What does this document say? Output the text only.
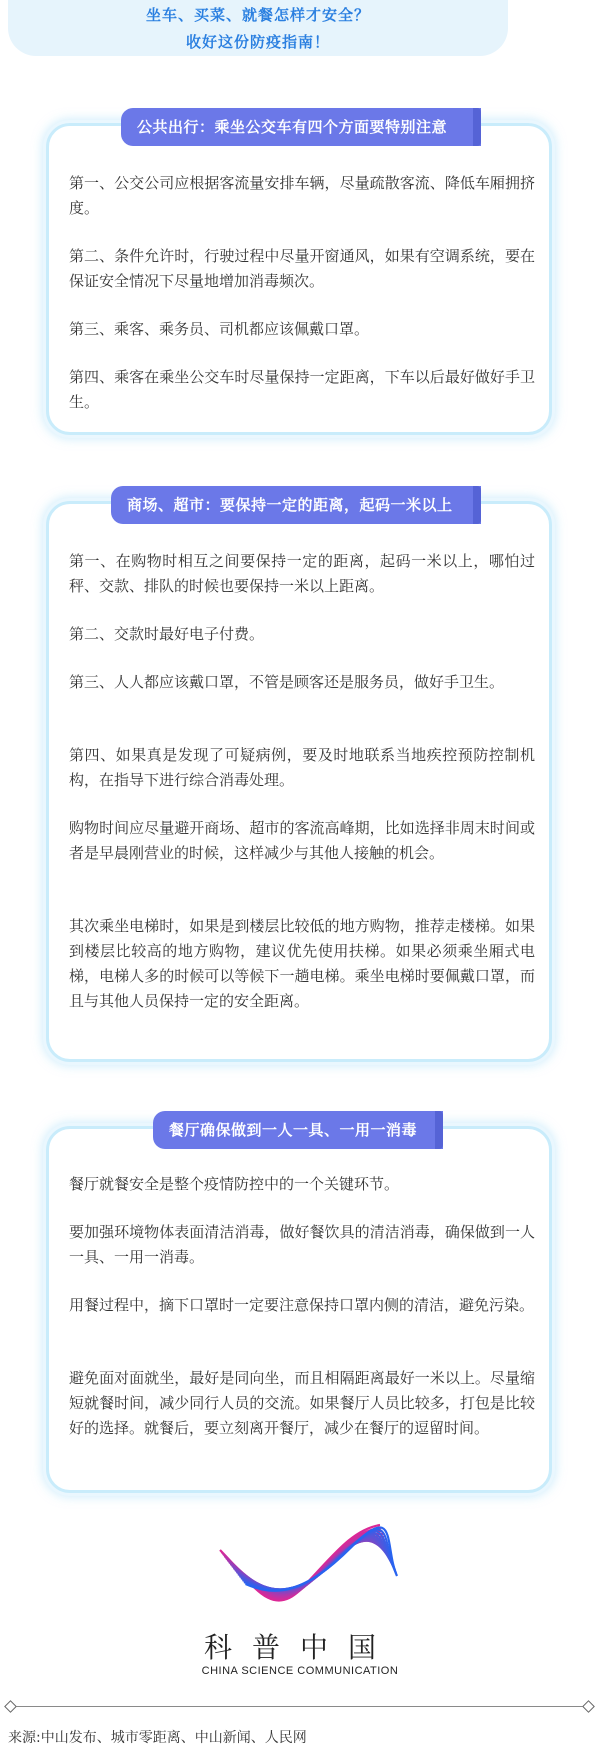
坐车、买菜、就餐怎样才安全？
收好这份防疫指南！
公共出行：乘坐公交车有四个方面要特别注意

第一、公交公司应根据客流量安排车辆，尽量疏散客流、降低车厢拥挤度。

第二、条件允许时，行驶过程中尽量开窗通风，如果有空调系统，要在保证安全情况下尽量地增加消毒频次。

第三、乘客、乘务员、司机都应该佩戴口罩。

第四、乘客在乘坐公交车时尽量保持一定距离，下车以后最好做好手卫生。

商场、超市：要保持一定的距离，起码一米以上

第一、在购物时相互之间要保持一定的距离，起码一米以上，哪怕过秤、交款、排队的时候也要保持一米以上距离。

第二、交款时最好电子付费。

第三、人人都应该戴口罩，不管是顾客还是服务员，做好手卫生。

第四、如果真是发现了可疑病例，要及时地联系当地疾控预防控制机构，在指导下进行综合消毒处理。

购物时间应尽量避开商场、超市的客流高峰期，比如选择非周末时间或者是早晨刚营业的时候，这样减少与其他人接触的机会。

其次乘坐电梯时，如果是到楼层比较低的地方购物，推荐走楼梯。如果到楼层比较高的地方购物，建议优先使用扶梯。如果必须乘坐厢式电梯，电梯人多的时候可以等候下一趟电梯。乘坐电梯时要佩戴口罩，而且与其他人员保持一定的安全距离。

餐厅确保做到一人一具、一用一消毒

餐厅就餐安全是整个疫情防控中的一个关键环节。

要加强环境物体表面清洁消毒，做好餐饮具的清洁消毒，确保做到一人一具、一用一消毒。

用餐过程中，摘下口罩时一定要注意保持口罩内侧的清洁，避免污染。

避免面对面就坐，最好是同向坐，而且相隔距离最好一米以上。尽量缩短就餐时间，减少同行人员的交流。如果餐厅人员比较多，打包是比较好的选择。就餐后，要立刻离开餐厅，减少在餐厅的逗留时间。

科普中国
CHINA SCIENCE COMMUNICATION
来源:中山发布、城市零距离、中山新闻、人民网
